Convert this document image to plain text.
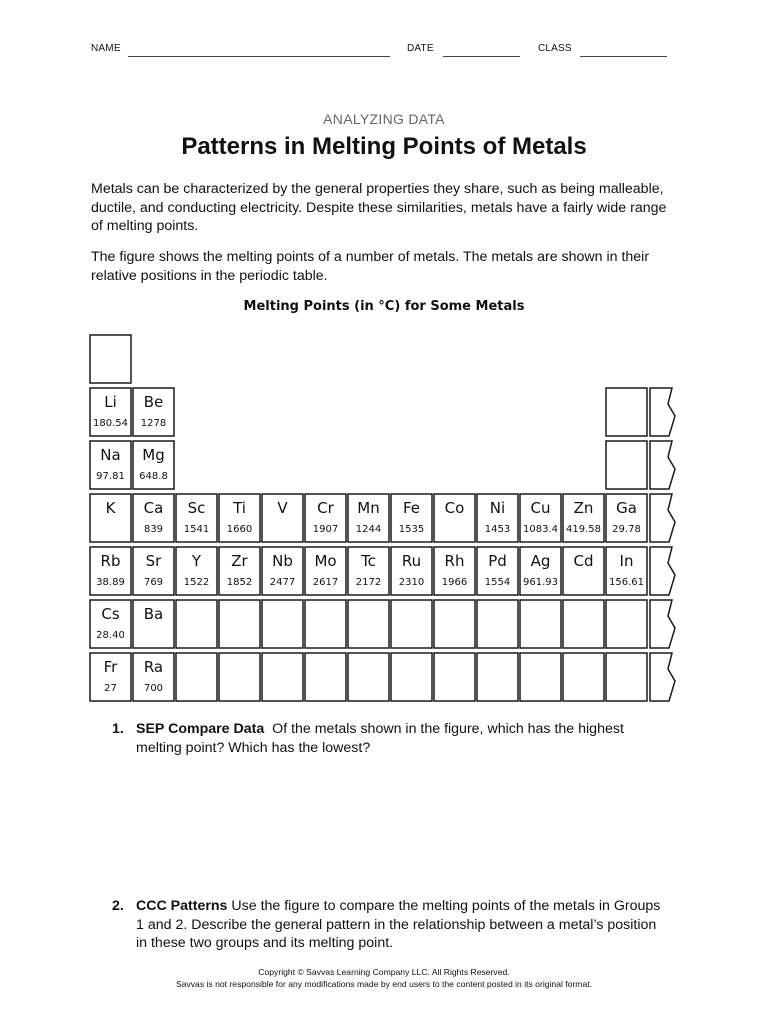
NAME	DATE	CLASS
ANALYZING DATA
Patterns in Melting Points of Metals

Metals can be characterized by the general properties they share, such as being malleable, ductile, and conducting electricity. Despite these similarities, metals have a fairly wide range of melting points.

The figure shows the melting points of a number of metals. The metals are shown in their relative positions in the periodic table.

Melting Points (in °C) for Some Metals
Li
180.54
Be
1278
Na
97.81
Mg
648.8
K Ca
839
Sc
1541
Ti
1660
V Cr
1907
Mn
1244
Fe
1535
Co Ni
1453
Cu
1083.4
Zn
419.58
Ga
29.78
Rb
38.89
Sr
769
Y
1522
Zr
1852
Nb
2477
Mo
2617
Tc
2172
Ru
2310
Rh
1966
Pd
1554
Ag
961.93
Cd In
156.61
Cs
28.40
Ba
Fr
27
Ra
700
1. SEP Compare Data Of the metals shown in the figure, which has the highest melting point? Which has the lowest?
2. CCC Patterns Use the figure to compare the melting points of the metals in Groups 1 and 2. Describe the general pattern in the relationship between a metal’s position in these two groups and its melting point.
Copyright © Savvas Learning Company LLC. All Rights Reserved.
Savvas is not responsible for any modifications made by end users to the content posted in its original format.
